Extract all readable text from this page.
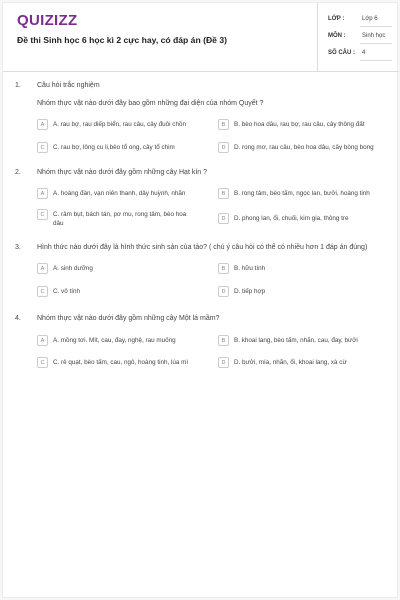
QUIZIZZ
Đề thi Sinh học 6 học kì 2 cực hay, có đáp án (Đề 3)
LỚP :	Lớp 6
MÔN :	Sinh học
SỐ CÂU : 4
1. Câu hỏi trắc nghiệm
Nhóm thực vật nào dưới đây bao gồm những đại diện của nhóm Quyết ?
A	A. rau bợ, rau diếp biển, rau câu, cây đuôi chồn	B	B. bèo hoa dâu, rau bợ, rau câu, cây thông đất
C	C. rau bợ, lông cu li,bèo tổ ong, cây tổ chim	D	D. rong mơ, rau câu, bèo hoa dâu, cây bòng bong
2. Nhóm thực vật nào dưới đây gồm những cây Hạt kín ?
A	A. hoàng đàn, vạn niên thanh, dây huỳnh, nhãn	B	B. rong tảm, bèo tấm, ngọc lan, bưởi, hoàng tinh
C	C. râm bụt, bách tán, pơ mu, rong tảm, bèo hoa dâu
D	D. phong lan, ổi, chuối, kim gia, thông tre
3. Hình thức nào dưới đây là hình thức sinh sản của tảo? ( chú ý câu hỏi có thể có nhiều hơn 1 đáp án đúng)
A	A. sinh dưỡng	B	B. hữu tính
C	C. vô tính	D	D. tiếp hợp
4. Nhóm thực vật nào dưới đây gồm những cây Một lá mầm?
A	A. mồng tơi. Mít, cau, đay, nghệ, rau muống	B	B. khoai lang, bèo tấm, nhãn, cau, đay, bưởi
C	C. rẻ quạt, bèo tấm, cau, ngô, hoàng tinh, lúa mì	D	D. bưởi, mía, nhãn, ổi, khoai lang, xà cừ
